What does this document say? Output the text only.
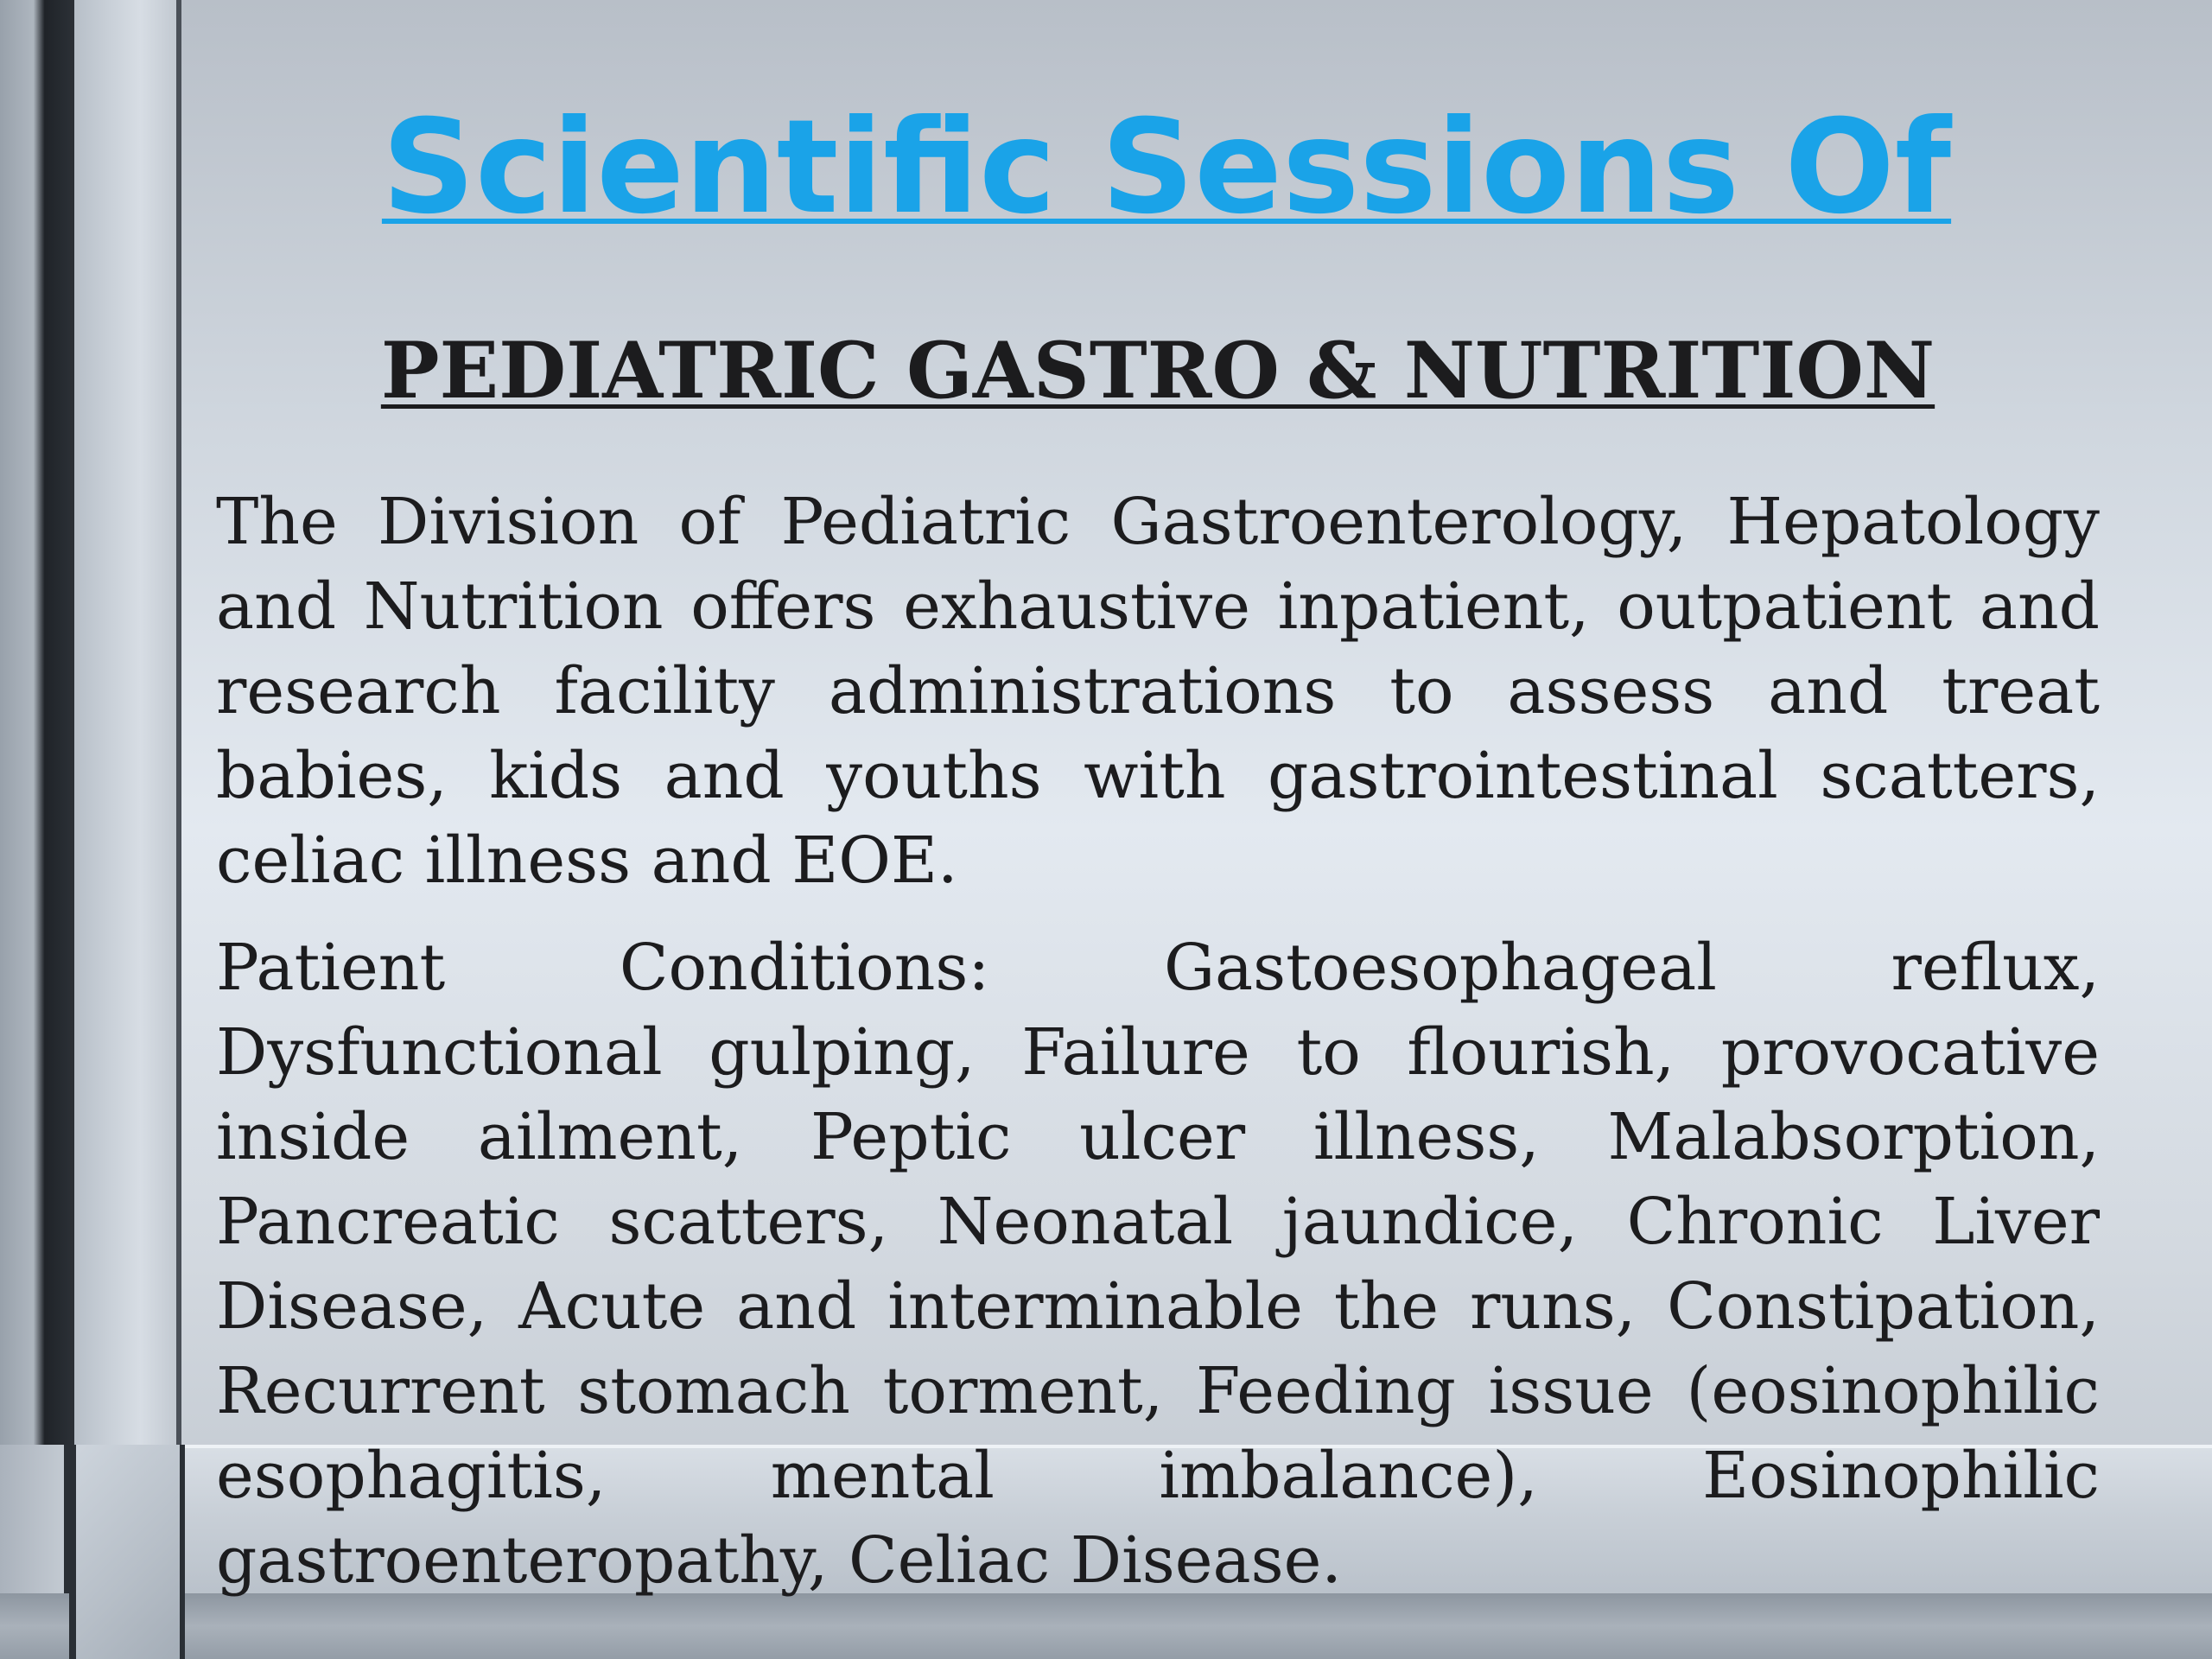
Scientific Sessions Of
PEDIATRIC GASTRO & NUTRITION

The Division of Pediatric Gastroenterology, Hepatology and Nutrition offers exhaustive inpatient, outpatient and research facility administrations to assess and treat babies, kids and youths with gastrointestinal scatters, celiac illness and EOE.

Patient Conditions: Gastoesophageal reflux, Dysfunctional gulping, Failure to flourish, provocative inside ailment, Peptic ulcer illness, Malabsorption, Pancreatic scatters, Neonatal jaundice, Chronic Liver Disease, Acute and interminable the runs, Constipation, Recurrent stomach torment, Feeding issue (eosinophilic esophagitis, mental imbalance), Eosinophilic gastroenteropathy, Celiac Disease.
